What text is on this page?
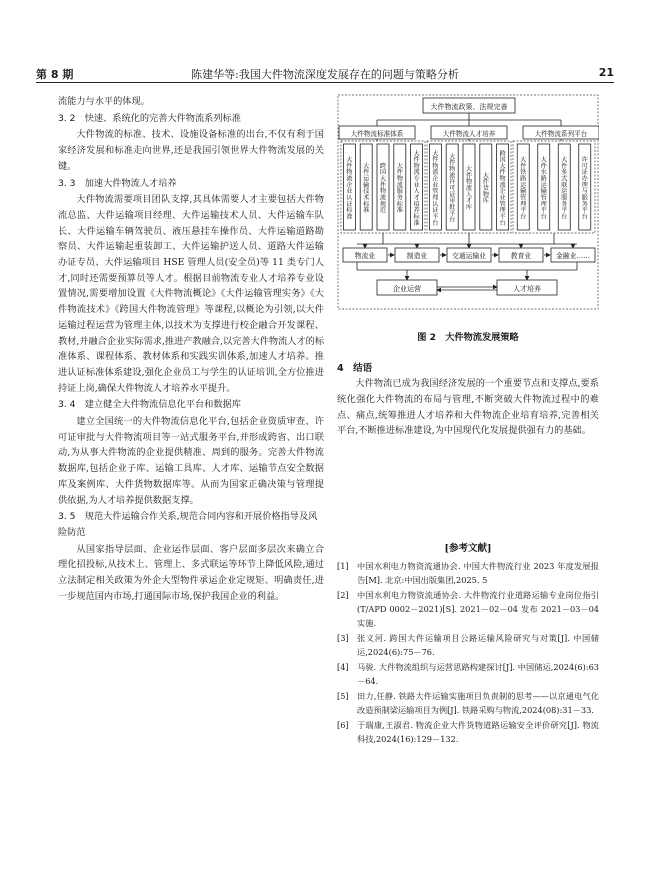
第 8 期	陈建华等:我国大件物流深度发展存在的问题与策略分析	21

流能力与水平的体现。

3. 2　快速、系统化的完善大件物流系列标准

大件物流的标准、技术、设施设备标准的出台,不仅有利于国家经济发展和标准走向世界,还是我国引领世界大件物流发展的关键。

3. 3　加速大件物流人才培养

大件物流需要项目团队支撑,其具体需要人才主要包括大件物流总监、大件运输项目经理、大件运输技术人员、大件运输车队长、大件运输车辆驾驶员、液压悬挂车操作员、大件运输道路勘察员、大件运输起重装卸工、大件运输护送人员、道路大件运输办证专员、大件运输项目 HSE 管理人员(安全员)等 11 类专门人才,同时还需要预算员等人才。根据目前物流专业人才培养专业设置情况,需要增加设置《大件物流概论》《大件运输管理实务》《大件物流技术》《跨国大件物流管理》等课程,以概论为引领,以大件运输过程运营为管理主体,以技术为支撑进行校企融合开发课程、教材,并融合企业实际需求,推进产教融合,以完善大件物流人才的标准体系、课程体系、教材体系和实践实训体系,加速人才培养。推进认证标准体系建设,强化企业员工与学生的认证培训,全方位推进持证上岗,确保大件物流人才培养水平提升。

3. 4　建立健全大件物流信息化平台和数据库

建立全国统一的大件物流信息化平台,包括企业资质审查、许可证审批与大件物流项目等一站式服务平台,并形成跨省、出口联动,为从事大件物流的企业提供精准、周到的服务。完善大件物流数据库,包括企业子库、运输工具库、人才库、运输节点安全数据库及案例库、大件货物数据库等。从而为国家正确决策与管理提供依据,为人才培养提供数据支撑。

3. 5　规范大件运输合作关系,规范合同内容和开展价格指导及风险防范

从国家指导层面、企业运作层面、客户层面多层次来确立合理化招投标,从技术上、管理上、多式联运等环节上降低风险,通过立法制定相关政策为外企大型物件承运企业定规矩、明确责任,进一步规范国内市场,打通国际市场,保护我国企业的利益。

大件物流政策、法规完善
大件物流标准体系	大件物流人才培养	大件物流系列平台
大件物流企业认证标准
大件运输技术标准
跨国大件物流规范
大件物流服务标准
大件物流专业人才培养标准
大件物流企业管理认证平台
大件物流许可证审批平台
大件物流人才库
大件货物库
跨国大件物流企业管理平台
大件铁路运输管理平台
大件水路运输管理平台
大件多式联运服务平台
许可证办理与服务平台
物流业	制造业	交通运输业	教育业	金融业……
企业运营	人才培养
图 2　大件物流发展策略
4　结语

大件物流已成为我国经济发展的一个重要节点和支撑点,要系统化强化大件物流的布局与管理,不断突破大件物流过程中的难点、痛点,统筹推进人才培养和大件物流企业培育培养,完善相关平台,不断推进标准建设,为中国现代化发展提供强有力的基础。

[参考文献]
[1] 中国水利电力物资流通协会. 中国大件物流行业 2023 年度发展报告[M]. 北京:中国出版集团,2025. 5
[2] 中国水利电力物资流通协会. 大件物流行业道路运输专业岗位指引(T/APD 0002－2021)[S]. 2021－02－04 发布 2021－03－04 实施.
[3] 张义河. 跨国大件运输项目公路运输风险研究与对策[J]. 中国储运,2024(6):75－76.
[4] 马骏. 大件物流组织与运营思路构建探讨[J]. 中国储运,2024(6):63－64.
[5] 田力,任静. 铁路大件运输实施项目负责制的思考——以京通电气化改造预制梁运输项目为例[J]. 铁路采购与物流,2024(08):31－33.
[6] 于瑞康,王淑君. 物流企业大件货物道路运输安全评价研究[J]. 物流科技,2024(16):129－132.
